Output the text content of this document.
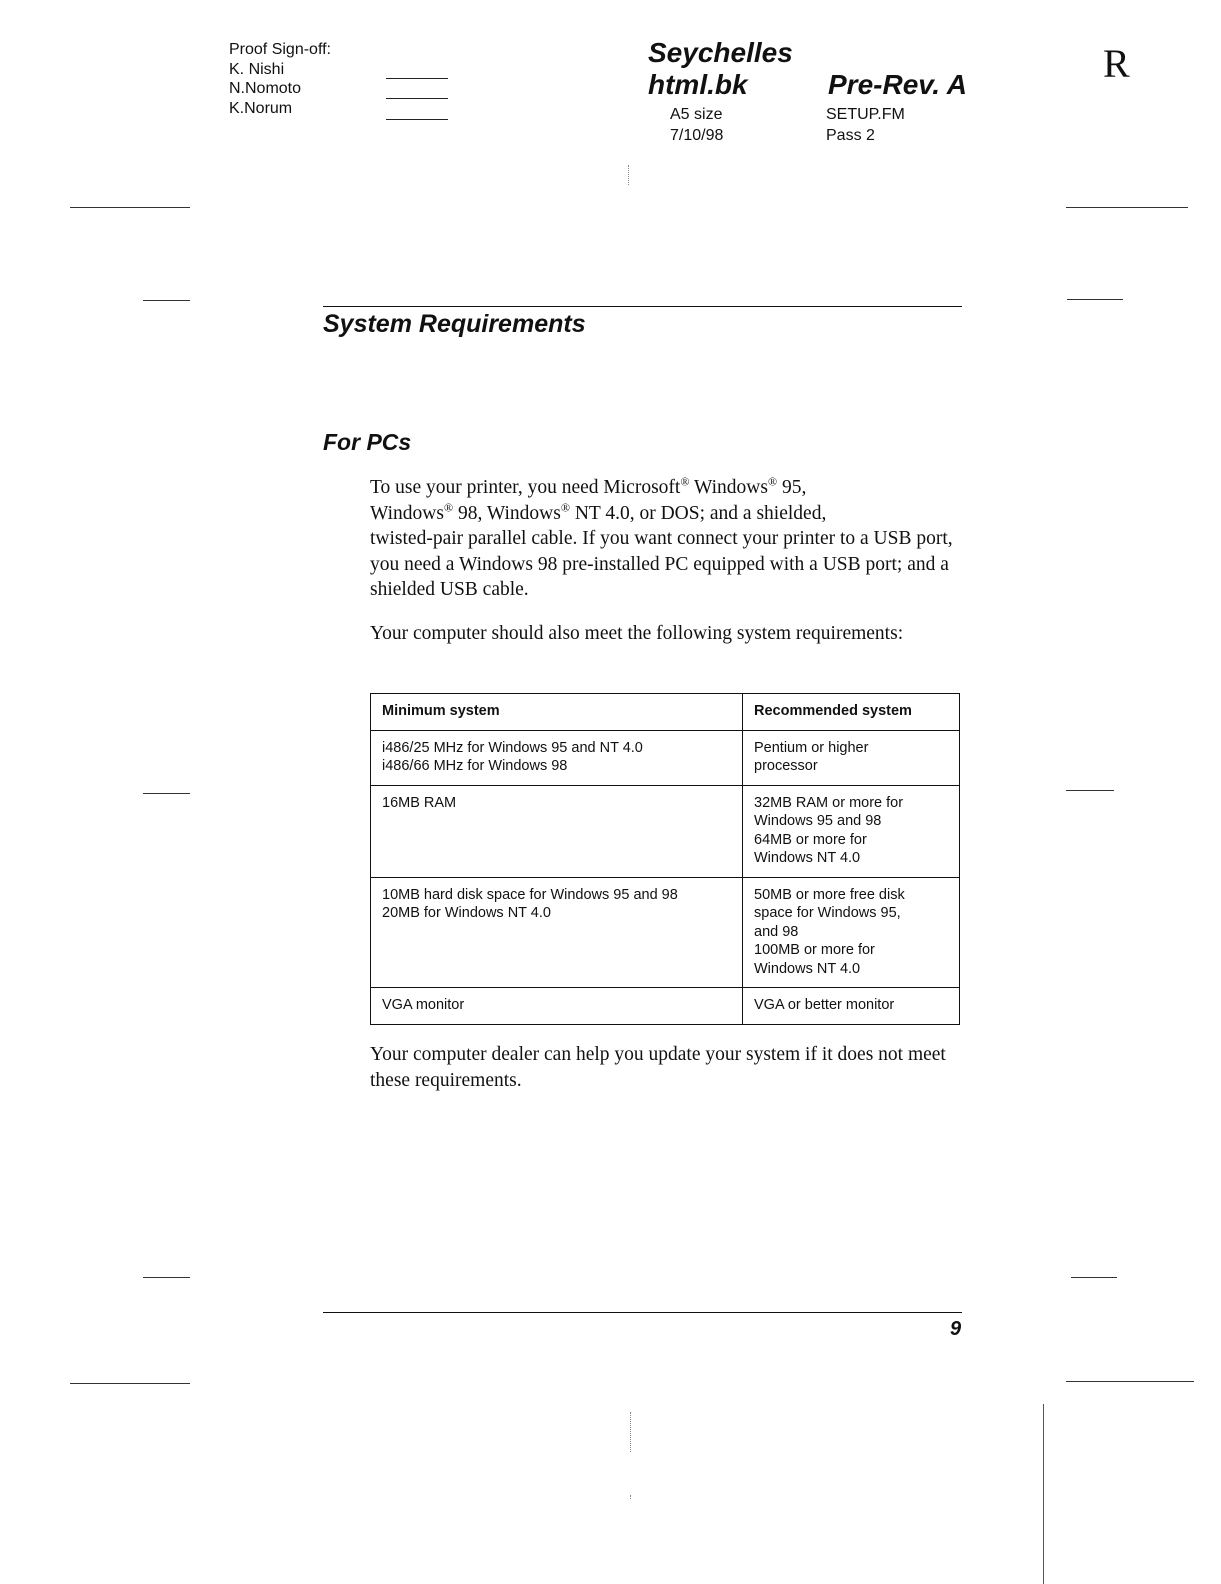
Proof Sign-off:
K. Nishi
N.Nomoto
K.Norum
Seychelles
html.bk	Pre-Rev. A
A5 size
7/10/98
SETUP.FM
Pass 2
R
System Requirements
For PCs
To use your printer, you need Microsoft® Windows® 95,
Windows® 98, Windows® NT 4.0, or DOS; and a shielded,
twisted-pair parallel cable. If you want connect your printer to a USB port, you need a Windows 98 pre-installed PC equipped with a USB port; and a shielded USB cable.
Your computer should also meet the following system requirements:
Minimum system	Recommended system

i486/25 MHz for Windows 95 and NT 4.0
i486/66 MHz for Windows 98	Pentium or higher
processor

16MB RAM	32MB RAM or more for
Windows 95 and 98
64MB or more for
Windows NT 4.0

10MB hard disk space for Windows 95 and 98
20MB for Windows NT 4.0	50MB or more free disk
space for Windows 95,
and 98
100MB or more for
Windows NT 4.0

VGA monitor	VGA or better monitor
Your computer dealer can help you update your system if it does not meet these requirements.
9
